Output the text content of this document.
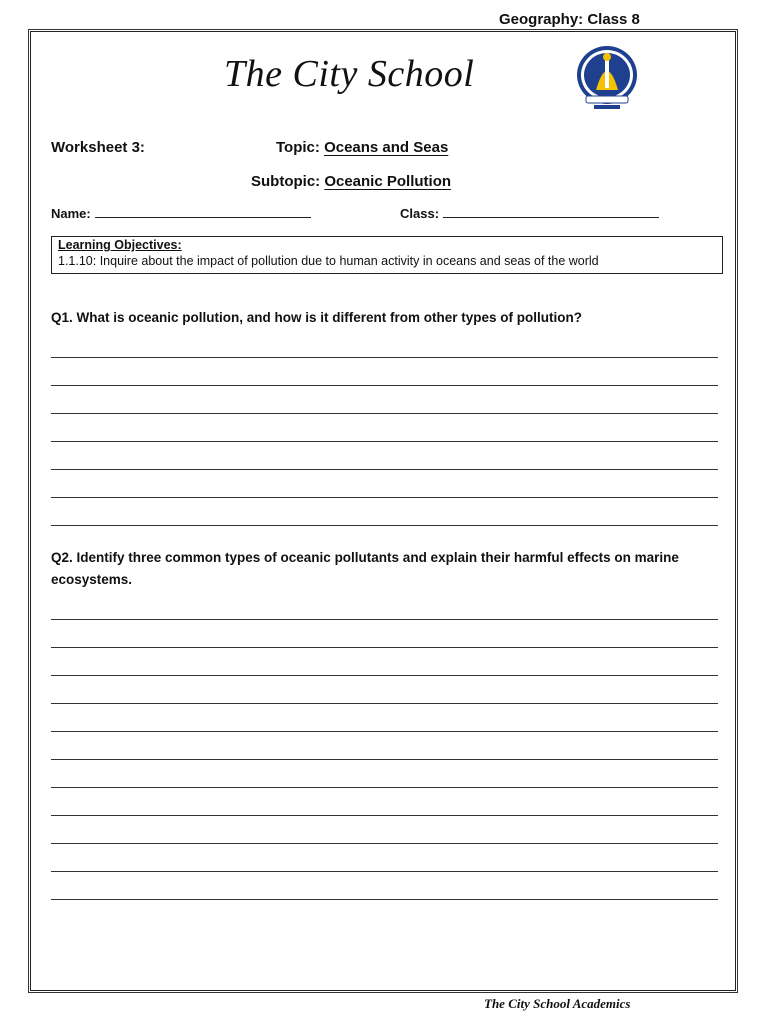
Geography: Class 8
The City School
Worksheet 3:	Topic: Oceans and Seas
Subtopic: Oceanic Pollution
Name:	Class:
Learning Objectives:
1.1.10: Inquire about the impact of pollution due to human activity in oceans and seas of the world
Q1. What is oceanic pollution, and how is it different from other types of pollution?
Q2. Identify three common types of oceanic pollutants and explain their harmful effects on marine ecosystems.
The City School Academics
